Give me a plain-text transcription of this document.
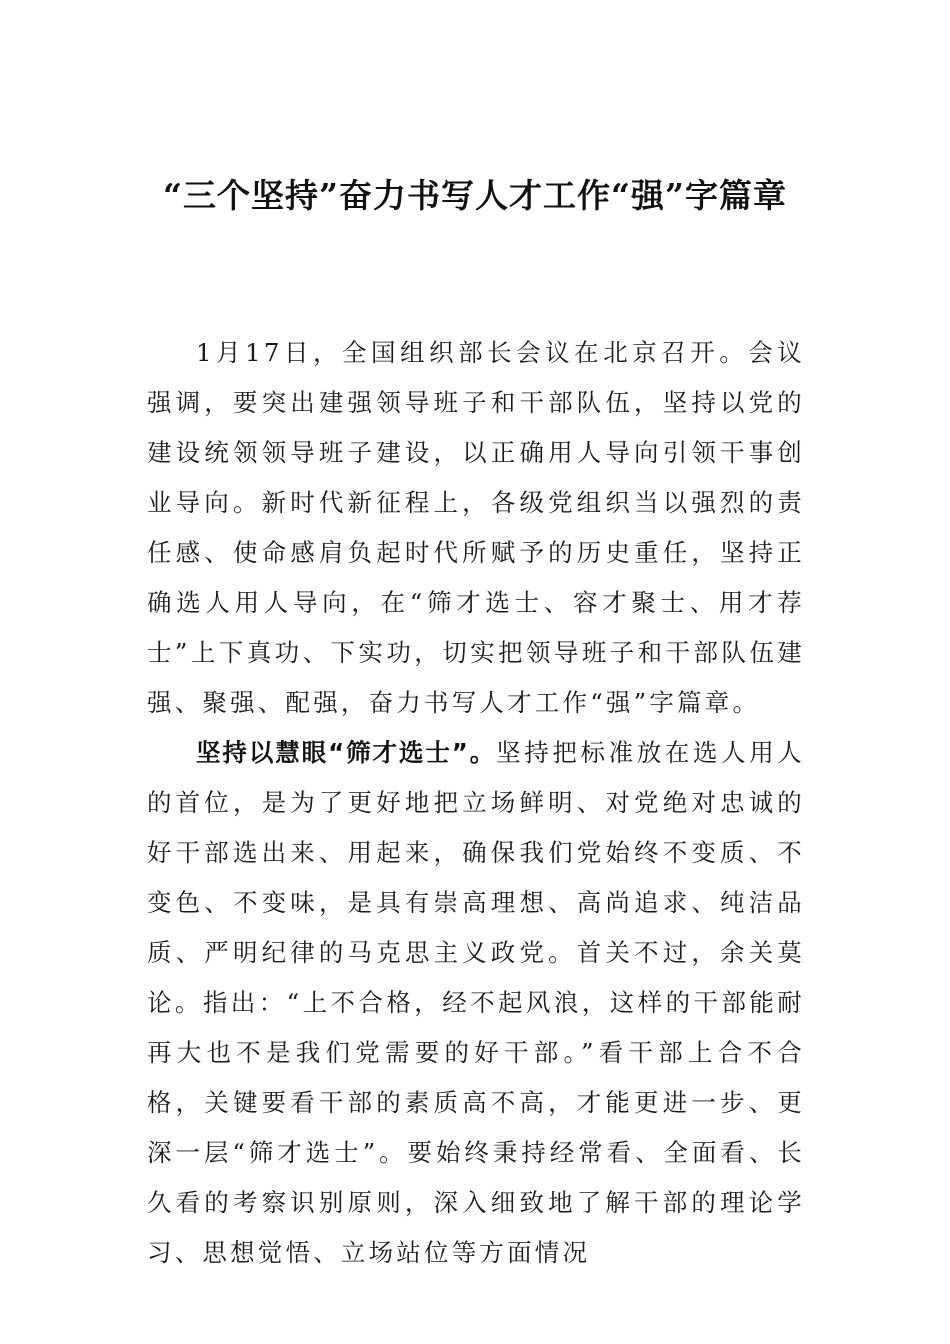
“三个坚持”奋力书写人才工作“强”字篇章

1月17日，全国组织部长会议在北京召开。会议强调，要突出建强领导班子和干部队伍，坚持以党的建设统领领导班子建设，以正确用人导向引领干事创业导向。新时代新征程上，各级党组织当以强烈的责任感、使命感肩负起时代所赋予的历史重任，坚持正确选人用人导向，在“筛才选士、容才聚士、用才荐士”上下真功、下实功，切实把领导班子和干部队伍建强、聚强、配强，奋力书写人才工作“强”字篇章。

坚持以慧眼“筛才选士”。坚持把标准放在选人用人的首位，是为了更好地把立场鲜明、对党绝对忠诚的好干部选出来、用起来，确保我们党始终不变质、不变色、不变味，是具有崇高理想、高尚追求、纯洁品质、严明纪律的马克思主义政党。首关不过，余关莫论。指出：“上不合格，经不起风浪，这样的干部能耐再大也不是我们党需要的好干部。”看干部上合不合格，关键要看干部的素质高不高，才能更进一步、更深一层“筛才选士”。要始终秉持经常看、全面看、长久看的考察识别原则，深入细致地了解干部的理论学习、思想觉悟、立场站位等方面情况
